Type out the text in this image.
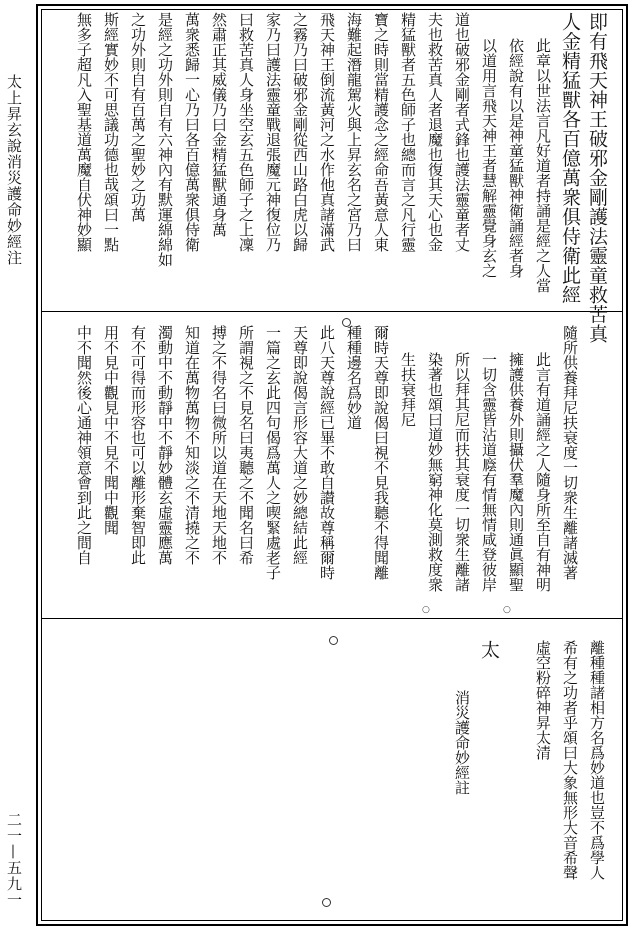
太上昇玄說消災護命妙經注
二一—五九一
○	○
即有飛天神王破邪金剛護法靈童救苦真
人金精猛獸各百億萬衆俱侍衛此經
此章以世法言凡好道者持誦是經之人當
依經說有以是神童猛獸神衛誦經者身
以道用言飛天神王者慧解靈覺身玄之
道也破邪金剛者式鋒也護法靈童者丈
夫也救苦真人者退魔也復其天心也金
精猛獸者五色師子也總而言之凡行靈
寶之時則當精護念之經命吾黃意人東
海難起潛龍駕火與上昇玄名之宮乃曰
飛天神王倒流黃河之水作他真諸滿武
之霧乃曰破邪金剛從西山路白虎以歸
家乃曰護法靈童戰退張魔元神復位乃
曰救苦真人身坐空玄五色師子之上凜
然肅正其威儀乃曰金精猛獸通身萬
萬衆悉歸一心乃曰各百億萬衆俱侍衛
是經之功外則自有六神內有默運綿綿如
之功外則自有百萬之聖妙之功萬
斯經實妙不可思議功德也哉頌曰一點
無多子超凡入聖基道萬魔自伏神妙顯
隨所供養拜尼扶衰度一切衆生離諸滅著
此言有道誦經之人隨身所至自有神明
擁護供養外則攝伏羣魔內則通眞顯聖
一切含靈皆沾道廕有情無情咸登彼岸
所以拜其尼而扶其衰度一切衆生離諸
染著也頌曰道妙無窮神化莫測救度衆
生扶衰拜尼
爾時天尊即說偈曰視不見我聽不得聞離
種種邊名爲妙道
此八天尊說經已畢不敢自讃故尊稱爾時
天尊即說偈言形容大道之妙總結此經
一篇之玄此四句偈爲萬人之喫緊處老子
所謂視之不見名曰夷聽之不聞名曰希
搏之不得名曰微所以道在天地天地不
知道在萬物萬物不知淡之不清撓之不
濁動中不動靜中不靜妙體玄虛靈應萬
有不可得而形容也可以離形棄智即此
用不見中觀見中不見不聞中觀聞
中不聞然後心通神領意會到此之間自
離種種諸相方名爲妙道也豈不爲學人
希有之功者乎頌曰大象無形大音希聲
虛空粉碎神昇太清
太
消災護命妙經註
